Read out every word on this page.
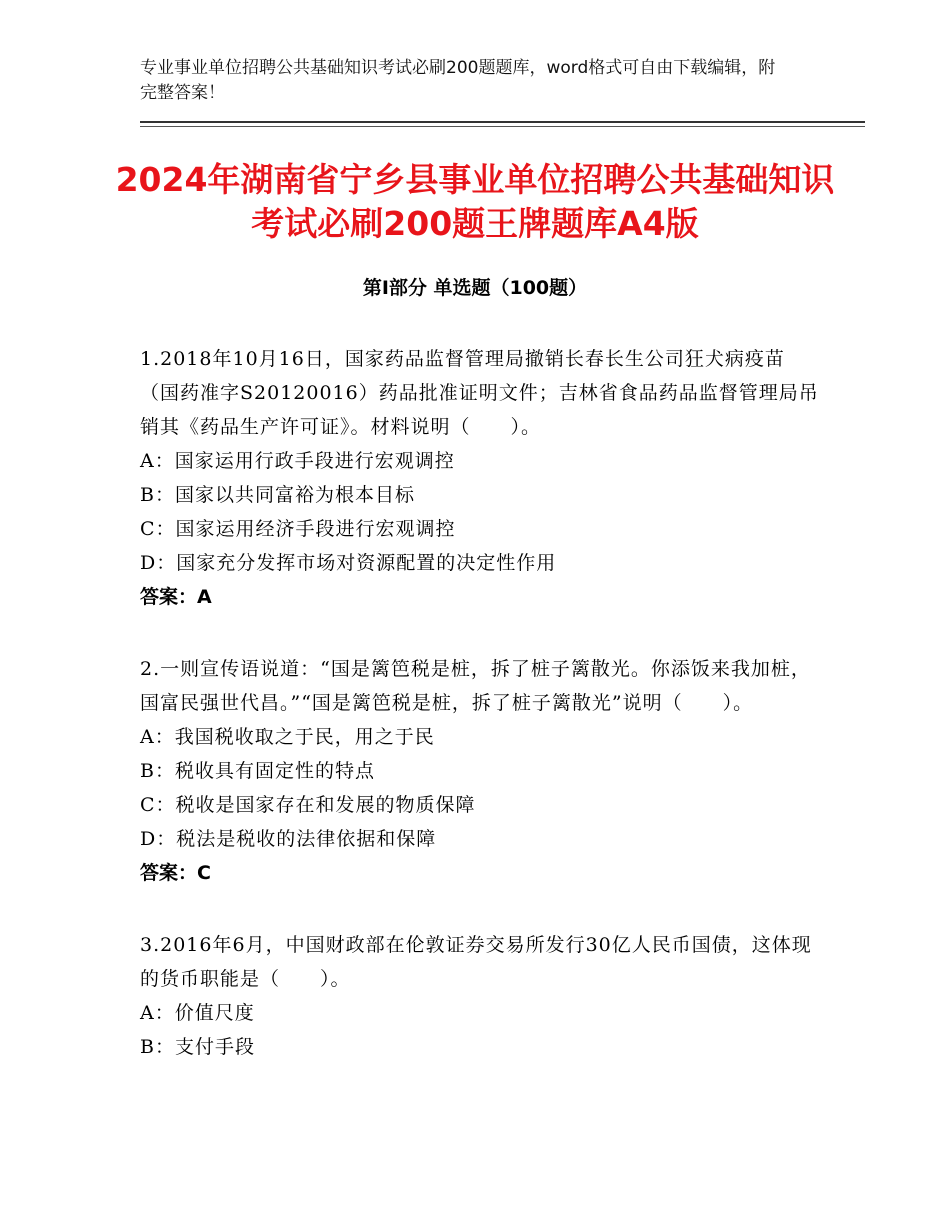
专业事业单位招聘公共基础知识考试必刷200题题库，word格式可自由下载编辑，附完整答案！
2024年湖南省宁乡县事业单位招聘公共基础知识考试必刷200题王牌题库A4版
第Ⅰ部分 单选题（100题）

1.2018年10月16日，国家药品监督管理局撤销长春长生公司狂犬病疫苗（国药准字S20120016）药品批准证明文件；吉林省食品药品监督管理局吊销其《药品生产许可证》。材料说明（　　）。

A：国家运用行政手段进行宏观调控

B：国家以共同富裕为根本目标

C：国家运用经济手段进行宏观调控

D：国家充分发挥市场对资源配置的决定性作用

答案：A

2.一则宣传语说道：“国是篱笆税是桩，拆了桩子篱散光。你添饭来我加桩，国富民强世代昌。”“国是篱笆税是桩，拆了桩子篱散光”说明（　　）。

A：我国税收取之于民，用之于民

B：税收具有固定性的特点

C：税收是国家存在和发展的物质保障

D：税法是税收的法律依据和保障

答案：C

3.2016年6月，中国财政部在伦敦证券交易所发行30亿人民币国债，这体现的货币职能是（　　）。

A：价值尺度

B：支付手段
